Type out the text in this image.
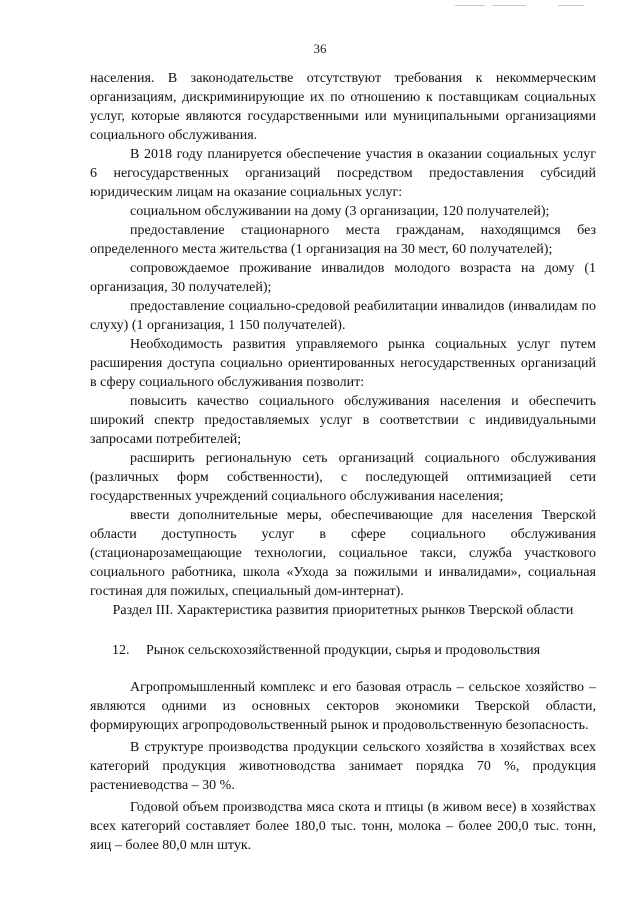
36

населения. В законодательстве отсутствуют требования к некоммерческим организациям, дискриминирующие их по отношению к поставщикам социальных услуг, которые являются государственными или муниципальными организациями социального обслуживания.

В 2018 году планируется обеспечение участия в оказании социальных услуг 6 негосударственных организаций посредством предоставления субсидий юридическим лицам на оказание социальных услуг:

социальном обслуживании на дому (3 организации, 120 получателей);

предоставление стационарного места гражданам, находящимся без определенного места жительства (1 организация на 30 мест, 60 получателей);

сопровождаемое проживание инвалидов молодого возраста на дому (1 организация, 30 получателей);

предоставление социально-средовой реабилитации инвалидов (инвалидам по слуху) (1 организация, 1 150 получателей).

Необходимость развития управляемого рынка социальных услуг путем расширения доступа социально ориентированных негосударственных организаций в сферу социального обслуживания позволит:

повысить качество социального обслуживания населения и обеспечить широкий спектр предоставляемых услуг в соответствии с индивидуальными запросами потребителей;

расширить региональную сеть организаций социального обслуживания (различных форм собственности), с последующей оптимизацией сети государственных учреждений социального обслуживания населения;

ввести дополнительные меры, обеспечивающие для населения Тверской области доступность услуг в сфере социального обслуживания (стационарозамещающие технологии, социальное такси, служба участкового социального работника, школа «Ухода за пожилыми и инвалидами», социальная гостиная для пожилых, специальный дом-интернат).

Раздел III. Характеристика развития приоритетных рынков Тверской области

12.	Рынок сельскохозяйственной продукции, сырья и продовольствия

Агропромышленный комплекс и его базовая отрасль – сельское хозяйство – являются одними из основных секторов экономики Тверской области, формирующих агропродовольственный рынок и продовольственную безопасность.

В структуре производства продукции сельского хозяйства в хозяйствах всех категорий продукция животноводства занимает порядка 70 %, продукция растениеводства – 30 %.

Годовой объем производства мяса скота и птицы (в живом весе) в хозяйствах всех категорий составляет более 180,0 тыс. тонн, молока – более 200,0 тыс. тонн, яиц – более 80,0 млн штук.
